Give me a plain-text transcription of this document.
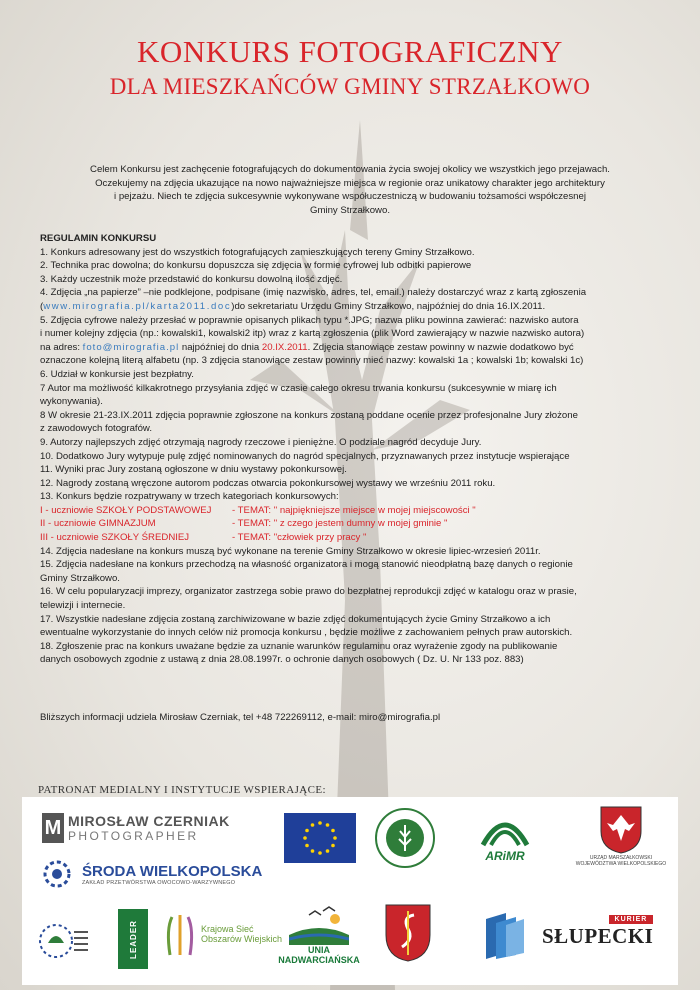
KONKURS FOTOGRAFICZNY
DLA MIESZKAŃCÓW GMINY STRZAŁKOWO
Celem Konkursu jest zachęcenie fotografujących do dokumentowania życia swojej okolicy we wszystkich jego przejawach.
Oczekujemy na zdjęcia ukazujące na nowo najważniejsze miejsca w regionie oraz unikatowy charakter jego architektury
i pejzażu. Niech te zdjęcia sukcesywnie wykonywane współuczestniczą w budowaniu tożsamości współczesnej
Gminy Strzałkowo.
REGULAMIN KONKURSU
1. Konkurs adresowany jest do wszystkich fotografujących zamieszkujących tereny Gminy Strzałkowo.
2. Technika prac dowolna; do konkursu dopuszcza się zdjęcia w formie cyfrowej lub odbitki papierowe
3. Każdy uczestnik może przedstawić do konkursu dowolną ilość zdjęć.
4. Zdjęcia „na papierze” –nie podklejone, podpisane (imię nazwisko, adres, tel, email.) należy dostarczyć wraz z kartą zgłoszenia
(www.mirografia.pl/karta2011.doc)do sekretariatu Urzędu Gminy Strzałkowo, najpóźniej do dnia 16.IX.2011.
5. Zdjęcia cyfrowe należy przesłać w poprawnie opisanych plikach typu *.JPG; nazwa pliku powinna zawierać: nazwisko autora
i numer kolejny zdjęcia (np.: kowalski1, kowalski2 itp) wraz z kartą zgłoszenia (plik Word zawierający w nazwie nazwisko autora)
na adres: foto@mirografia.pl najpóźniej do dnia 20.IX.2011. Zdjęcia stanowiące zestaw powinny w nazwie dodatkowo być
oznaczone kolejną literą alfabetu (np. 3 zdjęcia stanowiące zestaw powinny mieć nazwy: kowalski 1a ; kowalski 1b; kowalski 1c)
6. Udział w konkursie jest bezpłatny.
7 Autor ma możliwość kilkakrotnego przysyłania zdjęć w czasie całego okresu trwania konkursu (sukcesywnie w miarę ich
wykonywania).
8 W okresie 21-23.IX.2011 zdjęcia poprawnie zgłoszone na konkurs zostaną poddane ocenie przez profesjonalne Jury złożone
z zawodowych fotografów.
9. Autorzy najlepszych zdjęć otrzymają nagrody rzeczowe i pieniężne. O podziale nagród decyduje Jury.
10. Dodatkowo Jury wytypuje pulę zdjęć nominowanych do nagród specjalnych, przyznawanych przez instytucje wspierające
11. Wyniki prac Jury zostaną ogłoszone w dniu wystawy pokonkursowej.
12. Nagrody zostaną wręczone autorom podczas otwarcia pokonkursowej wystawy we wrześniu 2011 roku.
13. Konkurs będzie rozpatrywany w trzech kategoriach konkursowych:
I - uczniowie SZKOŁY PODSTAWOWEJ - TEMAT: " najpiękniejsze miejsce w mojej miejscowości "
II - uczniowie GIMNAZJUM	- TEMAT: " z czego jestem dumny w mojej gminie "
III - uczniowie SZKOŁY ŚREDNIEJ	- TEMAT: "człowiek przy pracy "
14. Zdjęcia nadesłane na konkurs muszą być wykonane na terenie Gminy Strzałkowo w okresie lipiec-wrzesień 2011r.
15. Zdjęcia nadesłane na konkurs przechodzą na własność organizatora i mogą stanowić nieodpłatną bazę danych o regionie
Gminy Strzałkowo.
16. W celu popularyzacji imprezy, organizator zastrzega sobie prawo do bezpłatnej reprodukcji zdjęć w katalogu oraz w prasie,
telewizji i internecie.
17. Wszystkie nadesłane zdjęcia zostaną zarchiwizowane w bazie zdjęć dokumentujących życie Gminy Strzałkowo a ich
ewentualne wykorzystanie do innych celów niż promocja konkursu , będzie możliwe z zachowaniem pełnych praw autorskich.
18. Zgłoszenie prac na konkurs uważane będzie za uznanie warunków regulaminu oraz wyrażenie zgody na publikowanie
danych osobowych zgodnie z ustawą z dnia 28.08.1997r. o ochronie danych osobowych ( Dz. U. Nr 133 poz. 883)
Bliższych informacji udziela Mirosław Czerniak, tel +48 722269112, e-mail: miro@mirografia.pl
PATRONAT MEDIALNY I INSTYTUCJE WSPIERAJĄCE:
M MIROSŁAW CZERNIAK
PHOTOGRAPHER
ARiMR	URZĄD MARSZAŁKOWSKI
WOJEWÓDZTWA WIELKOPOLSKIEGO
ŚRODA WIELKOPOLSKA
ZAKŁAD PRZETWÓRSTWA OWOCOWO-WARZYWNEGO
LEADER	Krajowa Sieć
Obszarów Wiejskich
UNIA
NADWARCIAŃSKA
KURIER
SŁUPECKI
